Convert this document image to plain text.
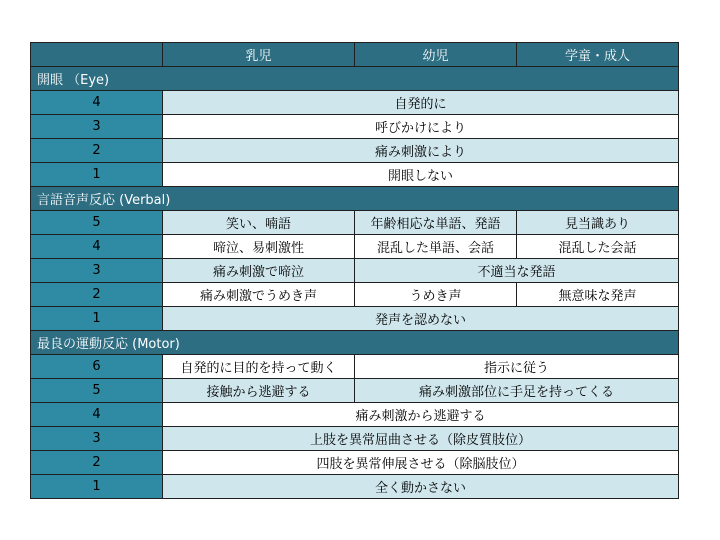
	乳児	幼児	学童・成人
開眼 （Eye)			
4	自発的に		
3	呼びかけにより		
2	痛み刺激により		
1	開眼しない		
言語音声反応 (Verbal)			
5	笑い、喃語	年齢相応な単語、発語	見当識あり
4	啼泣、易刺激性	混乱した単語、会話	混乱した会話
3	痛み刺激で啼泣	不適当な発語	
2	痛み刺激でうめき声	うめき声	無意味な発声
1	発声を認めない		
最良の運動反応 (Motor)			
6	自発的に目的を持って動く	指示に従う	
5	接触から逃避する	痛み刺激部位に手足を持ってくる	
4	痛み刺激から逃避する		
3	上肢を異常屈曲させる（除皮質肢位）		
2	四肢を異常伸展させる（除脳肢位）		
1	全く動かさない		
